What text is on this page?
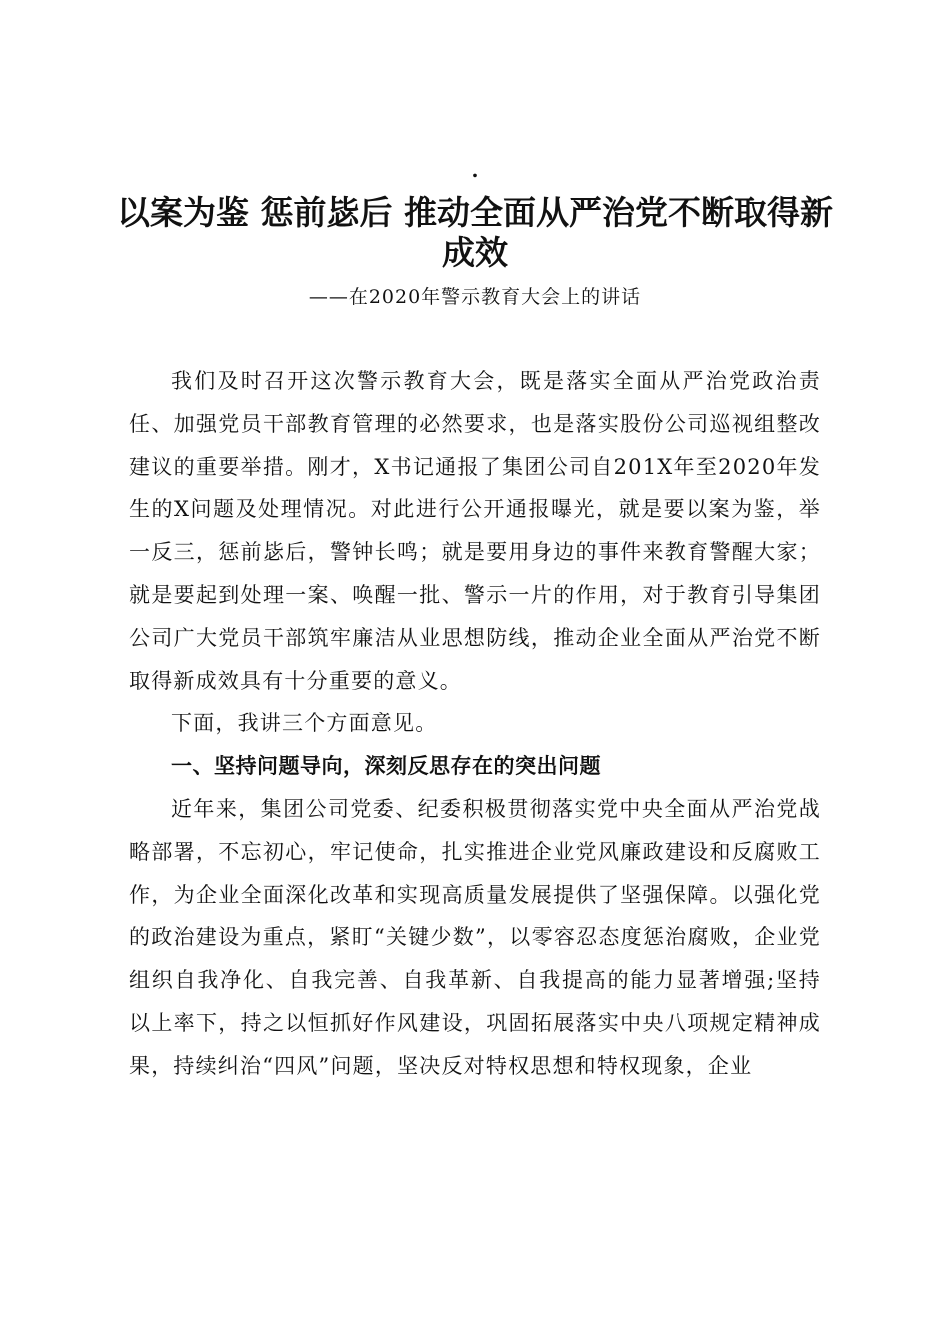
.
以案为鉴 惩前毖后 推动全面从严治党不断取得新成效

——在2020年警示教育大会上的讲话

我们及时召开这次警示教育大会，既是落实全面从严治党政治责任、加强党员干部教育管理的必然要求，也是落实股份公司巡视组整改建议的重要举措。刚才，X书记通报了集团公司自201X年至2020年发生的X问题及处理情况。对此进行公开通报曝光，就是要以案为鉴，举一反三，惩前毖后，警钟长鸣；就是要用身边的事件来教育警醒大家；就是要起到处理一案、唤醒一批、警示一片的作用，对于教育引导集团公司广大党员干部筑牢廉洁从业思想防线，推动企业全面从严治党不断取得新成效具有十分重要的意义。

下面，我讲三个方面意见。

一、坚持问题导向，深刻反思存在的突出问题

近年来，集团公司党委、纪委积极贯彻落实党中央全面从严治党战略部署，不忘初心，牢记使命，扎实推进企业党风廉政建设和反腐败工作，为企业全面深化改革和实现高质量发展提供了坚强保障。以强化党的政治建设为重点，紧盯“关键少数”，以零容忍态度惩治腐败，企业党组织自我净化、自我完善、自我革新、自我提高的能力显著增强;坚持以上率下，持之以恒抓好作风建设，巩固拓展落实中央八项规定精神成果，持续纠治“四风”问题，坚决反对特权思想和特权现象，企业
